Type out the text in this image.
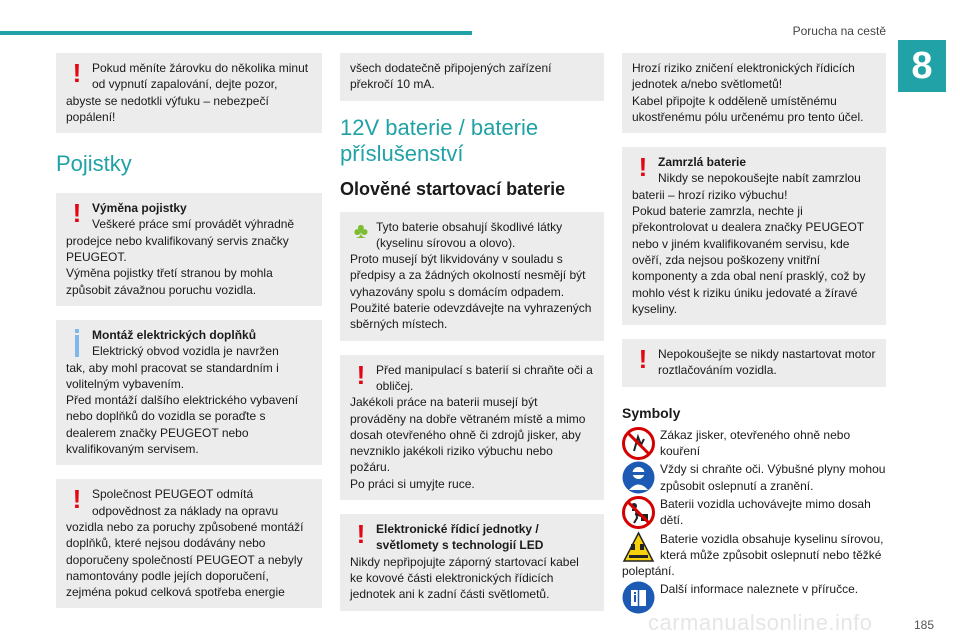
Porucha na cestě
8
! Pokud měníte žárovku do několika minut
od vypnutí zapalování, dejte pozor,

abyste se nedotkli výfuku – nebezpečí popálení!

Pojistky
! Výměna pojistky
Veškeré práce smí provádět výhradně

prodejce nebo kvalifikovaný servis značky PEUGEOT.
Výměna pojistky třetí stranou by mohla způsobit závažnou poruchu vozidla.

Montáž elektrických doplňků
Elektrický obvod vozidla je navržen

tak, aby mohl pracovat se standardním i volitelným vybavením.
Před montáží dalšího elektrického vybavení nebo doplňků do vozidla se poraďte s dealerem značky PEUGEOT nebo kvalifikovaným servisem.

! Společnost PEUGEOT odmítá
odpovědnost za náklady na opravu

vozidla nebo za poruchy způsobené montáží doplňků, které nejsou dodávány nebo doporučeny společností PEUGEOT a nebyly namontovány podle jejích doporučení, zejména pokud celková spotřeba energie

všech dodatečně připojených zařízení překročí 10 mA.

12V baterie / baterie příslušenství
Olověné startovací baterie
♣ Tyto baterie obsahují škodlivé látky
(kyselinu sírovou a olovo).

Proto musejí být likvidovány v souladu s předpisy a za žádných okolností nesmějí být vyhazovány spolu s domácím odpadem.
Použité baterie odevzdávejte na vyhrazených sběrných místech.

! Před manipulací s baterií si chraňte oči a
obličej.

Jakékoli práce na baterii musejí být prováděny na dobře větraném místě a mimo dosah otevřeného ohně či zdrojů jisker, aby nevzniklo jakékoli riziko výbuchu nebo požáru.
Po práci si umyjte ruce.

! Elektronické řídicí jednotky /
světlomety s technologií LED

Nikdy nepřipojujte záporný startovací kabel ke kovové části elektronických řídicích jednotek ani k zadní části světlometů.

Hrozí riziko zničení elektronických řídicích jednotek a/nebo světlometů!
Kabel připojte k odděleně umístěnému ukostřenému pólu určenému pro tento účel.

! Zamrzlá baterie
Nikdy se nepokoušejte nabít zamrzlou

baterii – hrozí riziko výbuchu!
Pokud baterie zamrzla, nechte ji překontrolovat u dealera značky PEUGEOT nebo v jiném kvalifikovaném servisu, kde ověří, zda nejsou poškozeny vnitřní komponenty a zda obal není prasklý, což by mohlo vést k riziku úniku jedovaté a žíravé kyseliny.

! Nepokoušejte se nikdy nastartovat motor
roztlačováním vozidla.
Symboly
Zákaz jisker, otevřeného ohně nebo kouření
Vždy si chraňte oči. Výbušné plyny mohou způsobit oslepnutí a zranění.
Baterii vozidla uchovávejte mimo dosah dětí.
Baterie vozidla obsahuje kyselinu sírovou, která může způsobit oslepnutí nebo těžké
poleptání.
Další informace naleznete v příručce.
carmanualsonline.info	185
